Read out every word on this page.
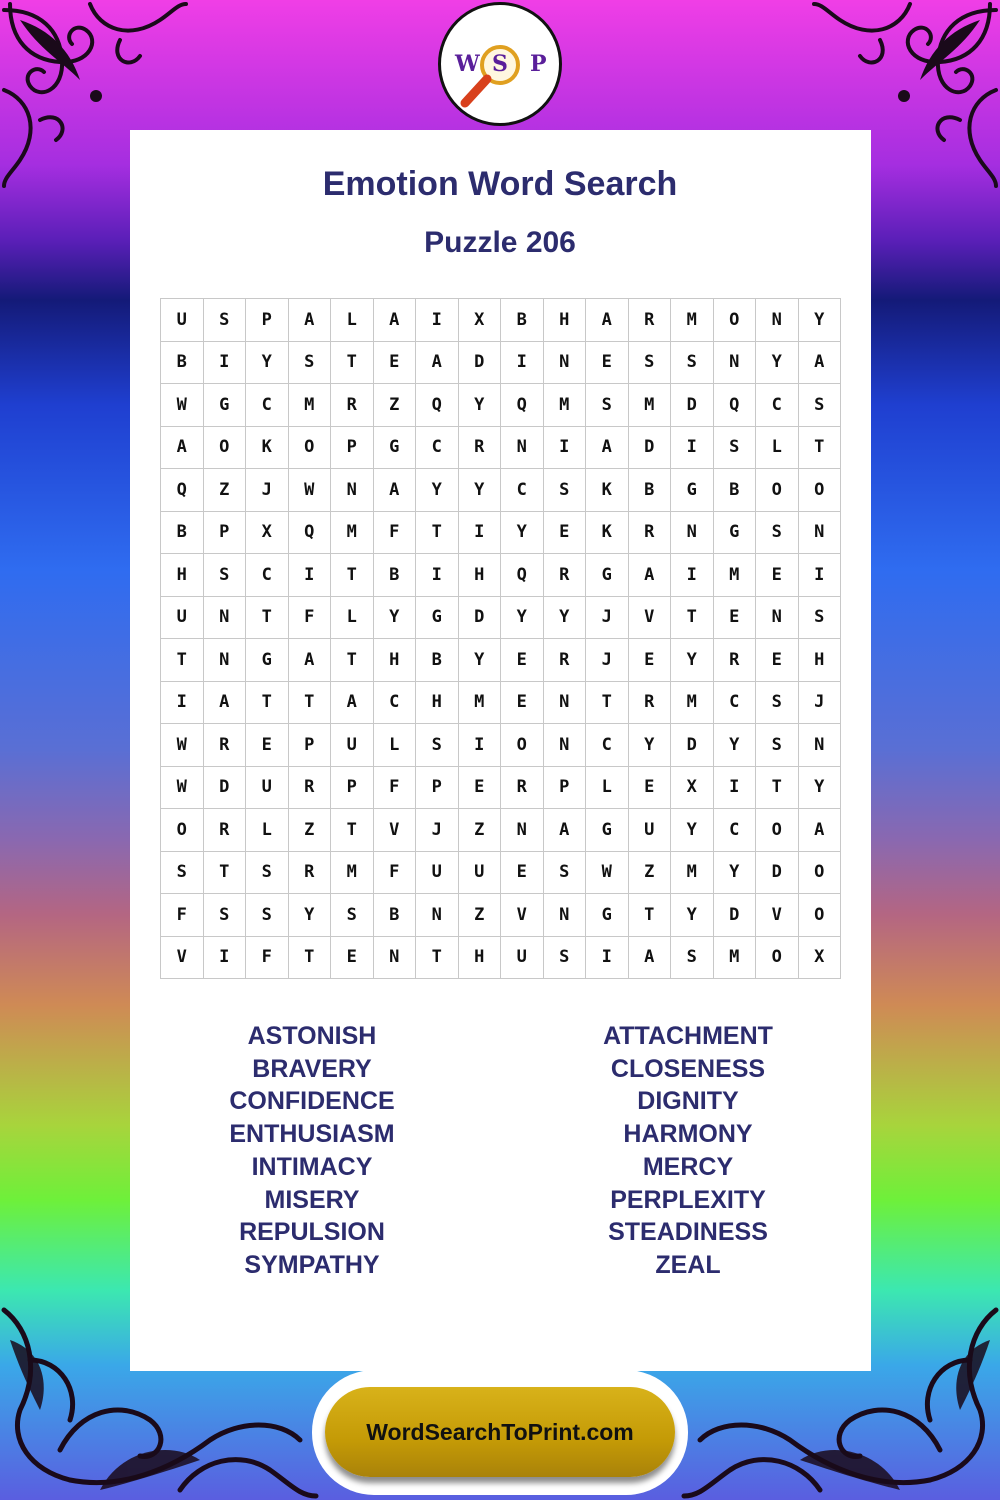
W S P
Emotion Word Search
Puzzle 206
U	S	P	A	L	A	I	X	B	H	A	R	M	O	N	Y
B	I	Y	S	T	E	A	D	I	N	E	S	S	N	Y	A
W	G	C	M	R	Z	Q	Y	Q	M	S	M	D	Q	C	S
A	O	K	O	P	G	C	R	N	I	A	D	I	S	L	T
Q	Z	J	W	N	A	Y	Y	C	S	K	B	G	B	O	O
B	P	X	Q	M	F	T	I	Y	E	K	R	N	G	S	N
H	S	C	I	T	B	I	H	Q	R	G	A	I	M	E	I
U	N	T	F	L	Y	G	D	Y	Y	J	V	T	E	N	S
T	N	G	A	T	H	B	Y	E	R	J	E	Y	R	E	H
I	A	T	T	A	C	H	M	E	N	T	R	M	C	S	J
W	R	E	P	U	L	S	I	O	N	C	Y	D	Y	S	N
W	D	U	R	P	F	P	E	R	P	L	E	X	I	T	Y
O	R	L	Z	T	V	J	Z	N	A	G	U	Y	C	O	A
S	T	S	R	M	F	U	U	E	S	W	Z	M	Y	D	O
F	S	S	Y	S	B	N	Z	V	N	G	T	Y	D	V	O
V	I	F	T	E	N	T	H	U	S	I	A	S	M	O	X
ASTONISH
BRAVERY
CONFIDENCE
ENTHUSIASM
INTIMACY
MISERY
REPULSION
SYMPATHY
ATTACHMENT
CLOSENESS
DIGNITY
HARMONY
MERCY
PERPLEXITY
STEADINESS
ZEAL
WordSearchToPrint.com
